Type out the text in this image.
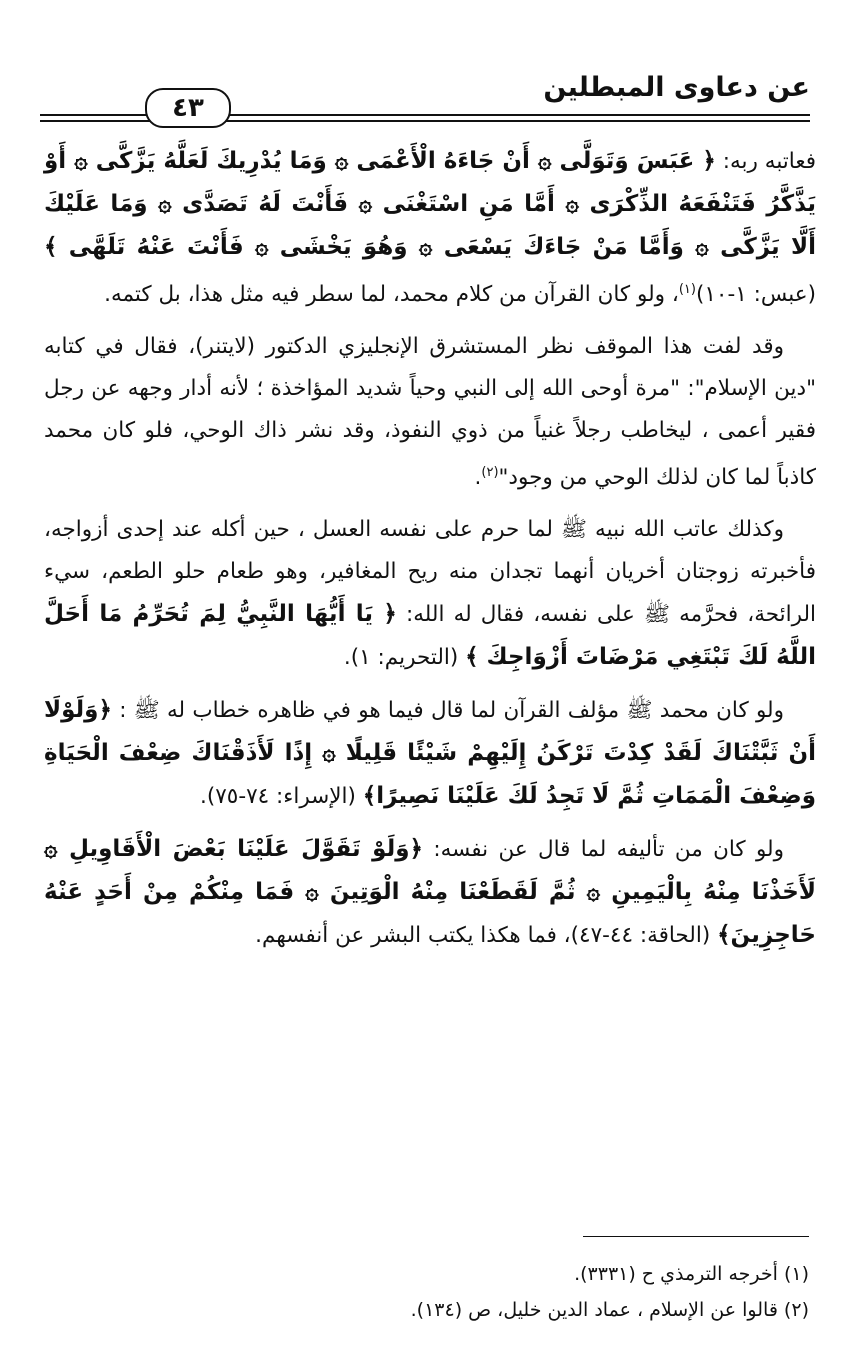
عن دعاوى المبطلين
٤٣

فعاتبه ربه: ﴿ عَبَسَ وَتَوَلَّى ۞ أَنْ جَاءَهُ الْأَعْمَى ۞ وَمَا يُدْرِيكَ لَعَلَّهُ يَزَّكَّى ۞ أَوْ يَذَّكَّرُ فَتَنْفَعَهُ الذِّكْرَى ۞ أَمَّا مَنِ اسْتَغْنَى ۞ فَأَنْتَ لَهُ تَصَدَّى ۞ وَمَا عَلَيْكَ أَلَّا يَزَّكَّى ۞ وَأَمَّا مَنْ جَاءَكَ يَسْعَى ۞ وَهُوَ يَخْشَى ۞ فَأَنْتَ عَنْهُ تَلَهَّى ﴾ (عبس: ١-١٠)$^{(١)}$، ولو كان القرآن من كلام محمد، لما سطر فيه مثل هذا، بل كتمه.

وقد لفت هذا الموقف نظر المستشرق الإنجليزي الدكتور (لايتنر)، فقال في كتابه "دين الإسلام": "مرة أوحى الله إلى النبي وحياً شديد المؤاخذة ؛ لأنه أدار وجهه عن رجل فقير أعمى ، ليخاطب رجلاً غنياً من ذوي النفوذ، وقد نشر ذاك الوحي، فلو كان محمد كاذباً لما كان لذلك الوحي من وجود"$^{(٢)}$.

وكذلك عاتب الله نبيه ﷺ لما حرم على نفسه العسل ، حين أكله عند إحدى أزواجه، فأخبرته زوجتان أخريان أنهما تجدان منه ريح المغافير، وهو طعام حلو الطعم، سيء الرائحة، فحرَّمه ﷺ على نفسه، فقال له الله: ﴿ يَا أَيُّهَا النَّبِيُّ لِمَ تُحَرِّمُ مَا أَحَلَّ اللَّهُ لَكَ تَبْتَغِي مَرْضَاتَ أَزْوَاجِكَ ﴾ (التحريم: ١).

ولو كان محمد ﷺ مؤلف القرآن لما قال فيما هو في ظاهره خطاب له ﷺ : ﴿وَلَوْلَا أَنْ ثَبَّتْنَاكَ لَقَدْ كِدْتَ تَرْكَنُ إِلَيْهِمْ شَيْئًا قَلِيلًا ۞ إِذًا لَأَذَقْنَاكَ ضِعْفَ الْحَيَاةِ وَضِعْفَ الْمَمَاتِ ثُمَّ لَا تَجِدُ لَكَ عَلَيْنَا نَصِيرًا﴾ (الإسراء: ٧٤-٧٥).

ولو كان من تأليفه لما قال عن نفسه: ﴿وَلَوْ تَقَوَّلَ عَلَيْنَا بَعْضَ الْأَقَاوِيلِ ۞ لَأَخَذْنَا مِنْهُ بِالْيَمِينِ ۞ ثُمَّ لَقَطَعْنَا مِنْهُ الْوَتِينَ ۞ فَمَا مِنْكُمْ مِنْ أَحَدٍ عَنْهُ حَاجِزِينَ﴾ (الحاقة: ٤٤-٤٧)، فما هكذا يكتب البشر عن أنفسهم.

(١) أخرجه الترمذي ح (٣٣٣١).
(٢) قالوا عن الإسلام ، عماد الدين خليل، ص (١٣٤).
